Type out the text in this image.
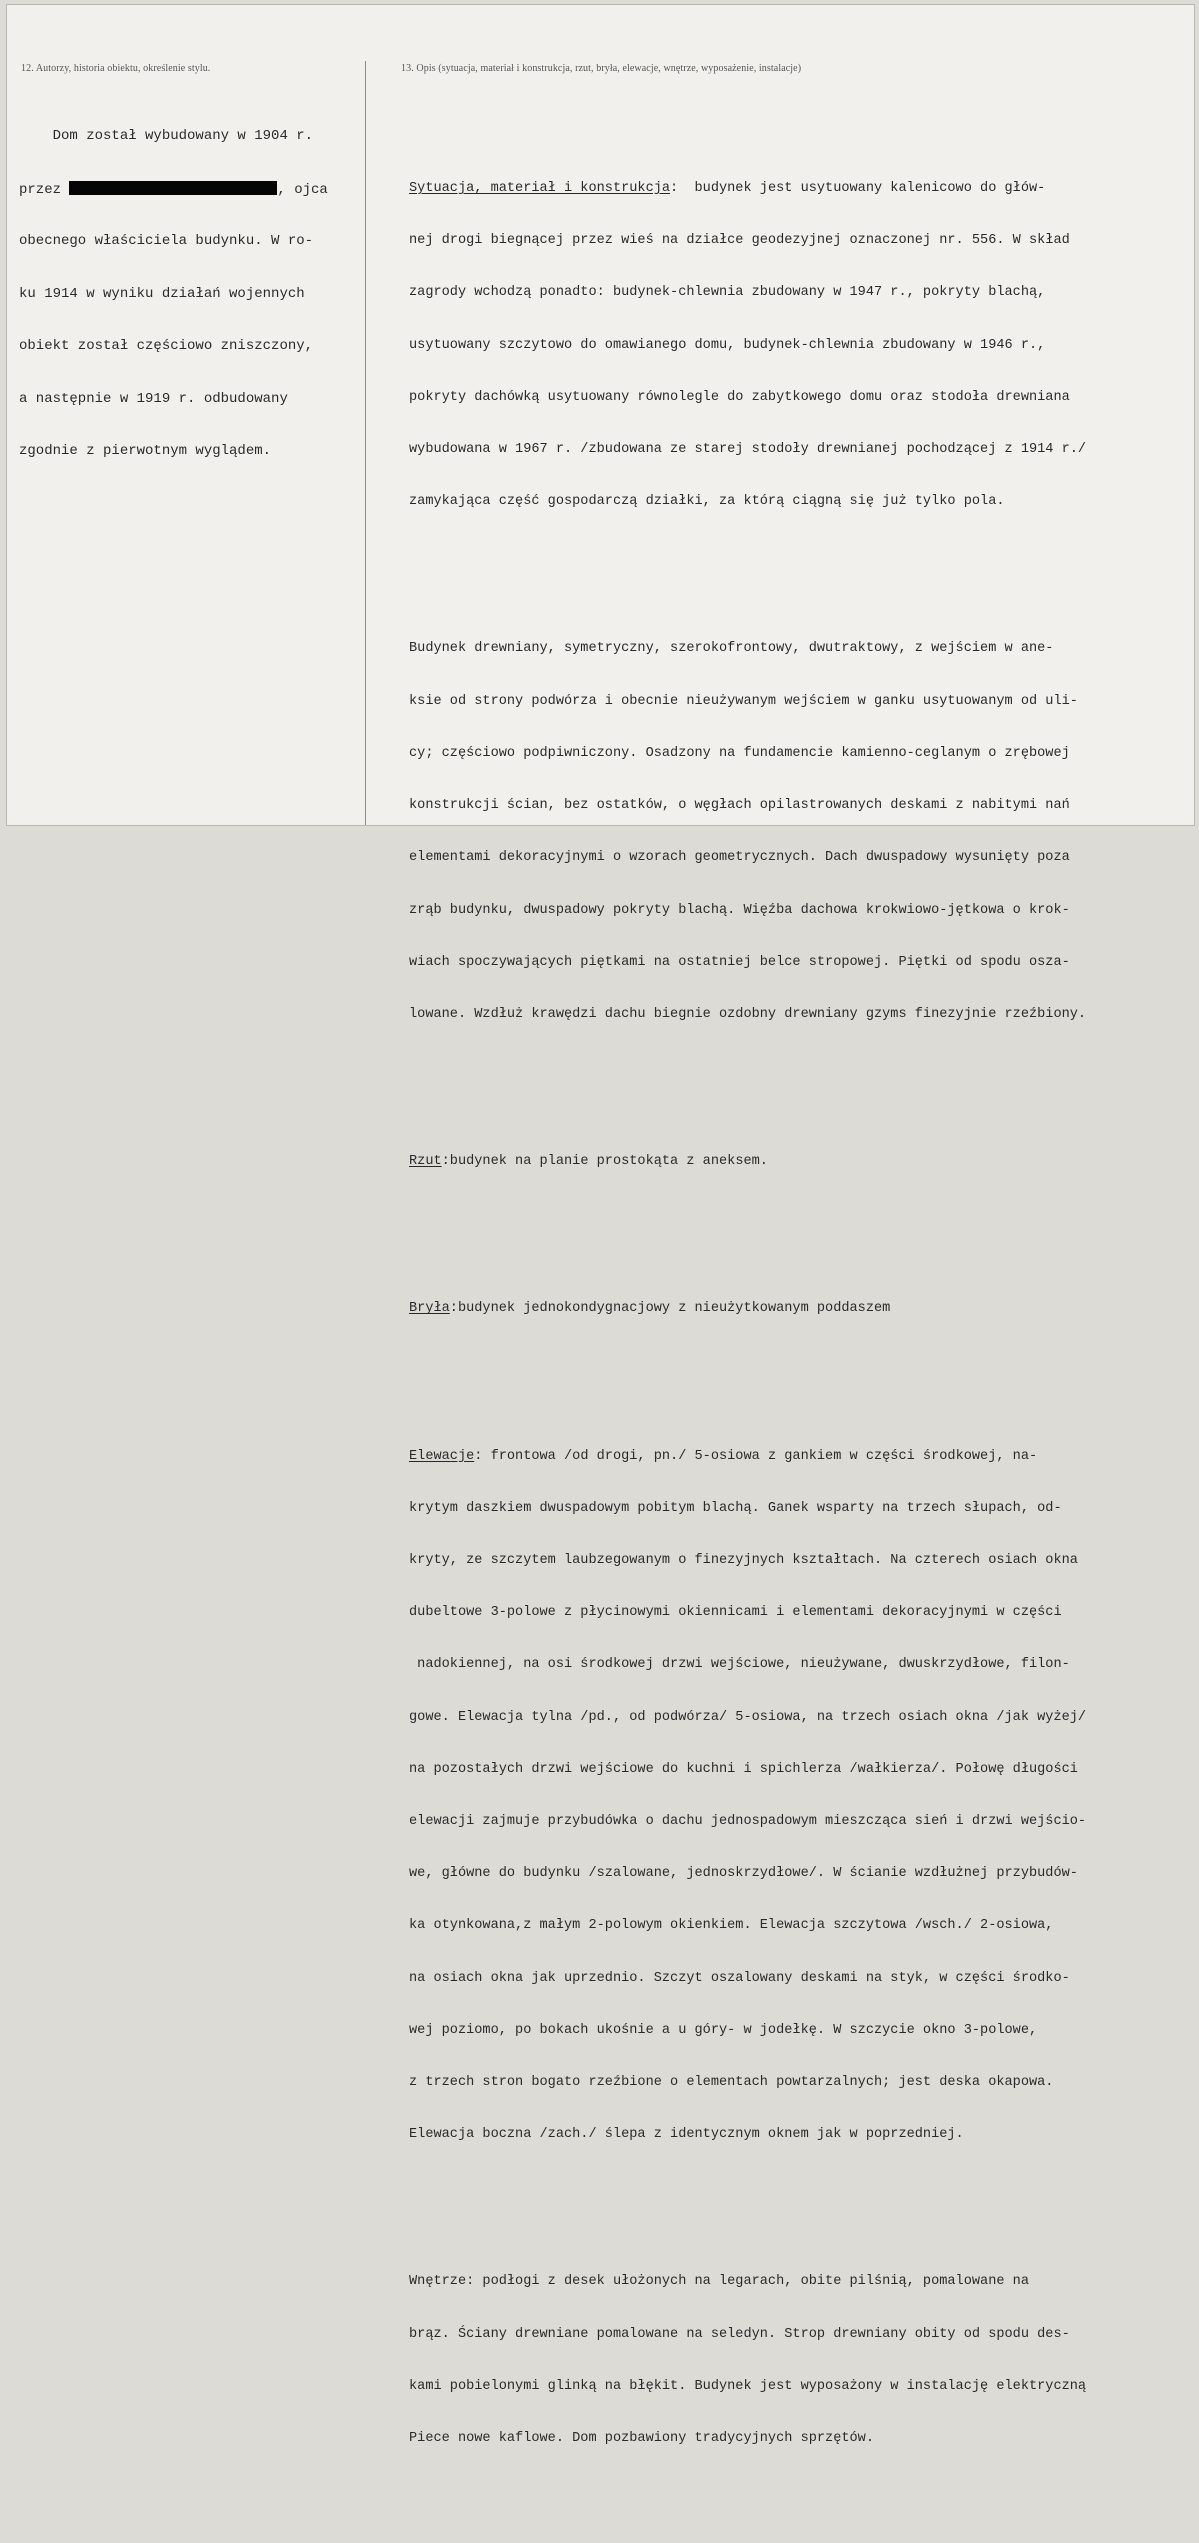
12. Autorzy, historia obiektu, określenie stylu.

Dom został wybudowany w 1904 r.

przez	, ojca

obecnego właściciela budynku. W ro-

ku 1914 w wyniku działań wojennych

obiekt został częściowo zniszczony,

a następnie w 1919 r. odbudowany

zgodnie z pierwotnym wyglądem.

13. Opis (sytuacja, materiał i konstrukcja, rzut, bryła, elewacje, wnętrze, wyposażenie, instalacje)

Sytuacja, materiał i konstrukcja:  budynek jest usytuowany kalenicowo do głów-

nej drogi biegnącej przez wieś na działce geodezyjnej oznaczonej nr. 556. W skład

zagrody wchodzą ponadto: budynek-chlewnia zbudowany w 1947 r., pokryty blachą,

usytuowany szczytowo do omawianego domu, budynek-chlewnia zbudowany w 1946 r.,

pokryty dachówką usytuowany równolegle do zabytkowego domu oraz stodoła drewniana

wybudowana w 1967 r. /zbudowana ze starej stodoły drewnianej pochodzącej z 1914 r./

zamykająca część gospodarczą działki, za którą ciągną się już tylko pola.

Budynek drewniany, symetryczny, szerokofrontowy, dwutraktowy, z wejściem w ane-

ksie od strony podwórza i obecnie nieużywanym wejściem w ganku usytuowanym od uli-

cy; częściowo podpiwniczony. Osadzony na fundamencie kamienno-ceglanym o zrębowej

konstrukcji ścian, bez ostatków, o węgłach opilastrowanych deskami z nabitymi nań

elementami dekoracyjnymi o wzorach geometrycznych. Dach dwuspadowy wysunięty poza

zrąb budynku, dwuspadowy pokryty blachą. Więźba dachowa krokwiowo-jętkowa o krok-

wiach spoczywających piętkami na ostatniej belce stropowej. Piętki od spodu osza-

lowane. Wzdłuż krawędzi dachu biegnie ozdobny drewniany gzyms finezyjnie rzeźbiony.

Rzut:budynek na planie prostokąta z aneksem.

Bryła:budynek jednokondygnacjowy z nieużytkowanym poddaszem

Elewacje: frontowa /od drogi, pn./ 5-osiowa z gankiem w części środkowej, na-

krytym daszkiem dwuspadowym pobitym blachą. Ganek wsparty na trzech słupach, od-

kryty, ze szczytem laubzegowanym o finezyjnych kształtach. Na czterech osiach okna

dubeltowe 3-polowe z płycinowymi okiennicami i elementami dekoracyjnymi w części

nadokiennej, na osi środkowej drzwi wejściowe, nieużywane, dwuskrzydłowe, filon-

gowe. Elewacja tylna /pd., od podwórza/ 5-osiowa, na trzech osiach okna /jak wyżej/

na pozostałych drzwi wejściowe do kuchni i spichlerza /wałkierza/. Połowę długości

elewacji zajmuje przybudówka o dachu jednospadowym mieszcząca sień i drzwi wejścio-

we, główne do budynku /szalowane, jednoskrzydłowe/. W ścianie wzdłużnej przybudów-

ka otynkowana,z małym 2-polowym okienkiem. Elewacja szczytowa /wsch./ 2-osiowa,

na osiach okna jak uprzednio. Szczyt oszalowany deskami na styk, w części środko-

wej poziomo, po bokach ukośnie a u góry- w jodełkę. W szczycie okno 3-polowe,

z trzech stron bogato rzeźbione o elementach powtarzalnych; jest deska okapowa.

Elewacja boczna /zach./ ślepa z identycznym oknem jak w poprzedniej.

Wnętrze: podłogi z desek ułożonych na legarach, obite pilśnią, pomalowane na

brąz. Ściany drewniane pomalowane na seledyn. Strop drewniany obity od spodu des-

kami pobielonymi glinką na błękit. Budynek jest wyposażony w instalację elektryczną

Piece nowe kaflowe. Dom pozbawiony tradycyjnych sprzętów.
